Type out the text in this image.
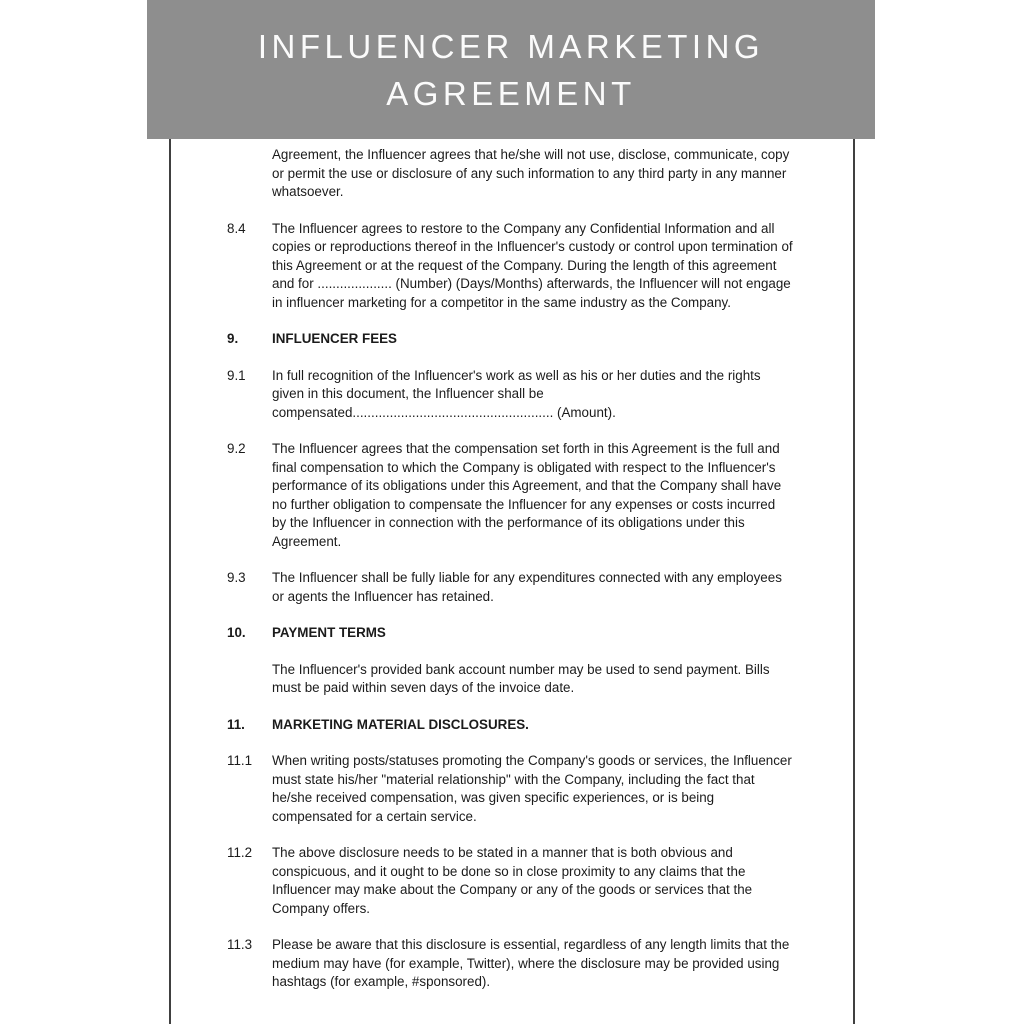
INFLUENCER MARKETING
AGREEMENT
Agreement, the Influencer agrees that he/she will not use, disclose, communicate, copy or permit the use or disclosure of any such information to any third party in any manner whatsoever.
8.4	The Influencer agrees to restore to the Company any Confidential Information and all copies or reproductions thereof in the Influencer's custody or control upon termination of this Agreement or at the request of the Company. During the length of this agreement and for .................... (Number) (Days/Months) afterwards, the Influencer will not engage in influencer marketing for a competitor in the same industry as the Company.
9.	INFLUENCER FEES
9.1	In full recognition of the Influencer's work as well as his or her duties and the rights given in this document, the Influencer shall be compensated...................................................... (Amount).
9.2	The Influencer agrees that the compensation set forth in this Agreement is the full and final compensation to which the Company is obligated with respect to the Influencer's performance of its obligations under this Agreement, and that the Company shall have no further obligation to compensate the Influencer for any expenses or costs incurred by the Influencer in connection with the performance of its obligations under this Agreement.
9.3	The Influencer shall be fully liable for any expenditures connected with any employees or agents the Influencer has retained.
10.	PAYMENT TERMS
The Influencer's provided bank account number may be used to send payment. Bills must be paid within seven days of the invoice date.
11.	MARKETING MATERIAL DISCLOSURES.
11.1	When writing posts/statuses promoting the Company's goods or services, the Influencer must state his/her "material relationship" with the Company, including the fact that he/she received compensation, was given specific experiences, or is being compensated for a certain service.
11.2	The above disclosure needs to be stated in a manner that is both obvious and conspicuous, and it ought to be done so in close proximity to any claims that the Influencer may make about the Company or any of the goods or services that the Company offers.
11.3	Please be aware that this disclosure is essential, regardless of any length limits that the medium may have (for example, Twitter), where the disclosure may be provided using hashtags (for example, #sponsored).
